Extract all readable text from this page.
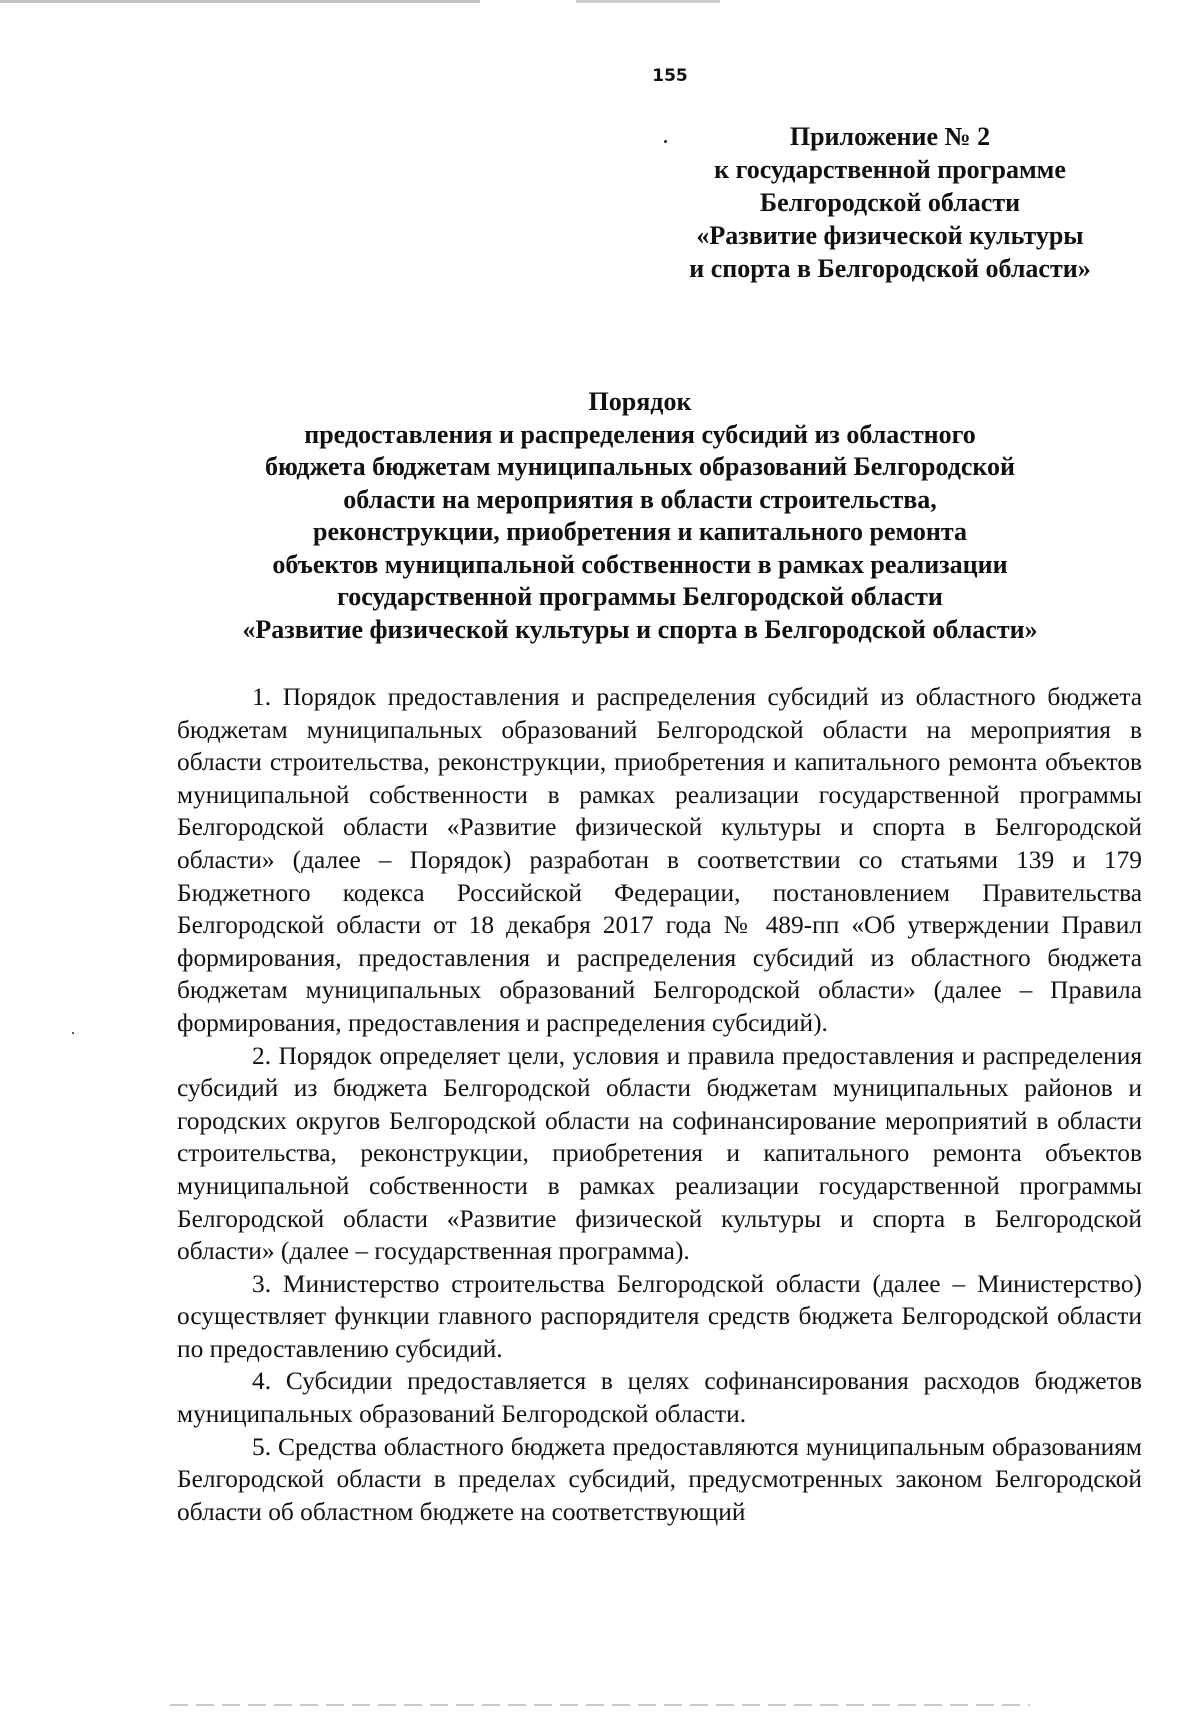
155
Приложение № 2
к государственной программе
Белгородской области
«Развитие физической культуры
и спорта в Белгородской области»
Порядок
предоставления и распределения субсидий из областного
бюджета бюджетам муниципальных образований Белгородской
области на мероприятия в области строительства,
реконструкции, приобретения и капитального ремонта
объектов муниципальной собственности в рамках реализации
государственной программы Белгородской области
«Развитие физической культуры и спорта в Белгородской области»

1. Порядок предоставления и распределения субсидий из областного бюджета бюджетам муниципальных образований Белгородской области на мероприятия в области строительства, реконструкции, приобретения и капитального ремонта объектов муниципальной собственности в рамках реализации государственной программы Белгородской области «Развитие физической культуры и спорта в Белгородской области» (далее – Порядок) разработан в соответствии со статьями 139 и 179 Бюджетного кодекса Российской Федерации, постановлением Правительства Белгородской области от 18 декабря 2017 года № 489-пп «Об утверждении Правил формирования, предоставления и распределения субсидий из областного бюджета бюджетам муниципальных образований Белгородской области» (далее – Правила формирования, предоставления и распределения субсидий).

2. Порядок определяет цели, условия и правила предоставления и распределения субсидий из бюджета Белгородской области бюджетам муниципальных районов и городских округов Белгородской области на софинансирование мероприятий в области строительства, реконструкции, приобретения и капитального ремонта объектов муниципальной собственности в рамках реализации государственной программы Белгородской области «Развитие физической культуры и спорта в Белгородской области» (далее – государственная программа).

3. Министерство строительства Белгородской области (далее – Министерство) осуществляет функции главного распорядителя средств бюджета Белгородской области по предоставлению субсидий.

4. Субсидии предоставляется в целях софинансирования расходов бюджетов муниципальных образований Белгородской области.

5. Средства областного бюджета предоставляются муниципальным образованиям Белгородской области в пределах субсидий, предусмотренных законом Белгородской области об областном бюджете на соответствующий
